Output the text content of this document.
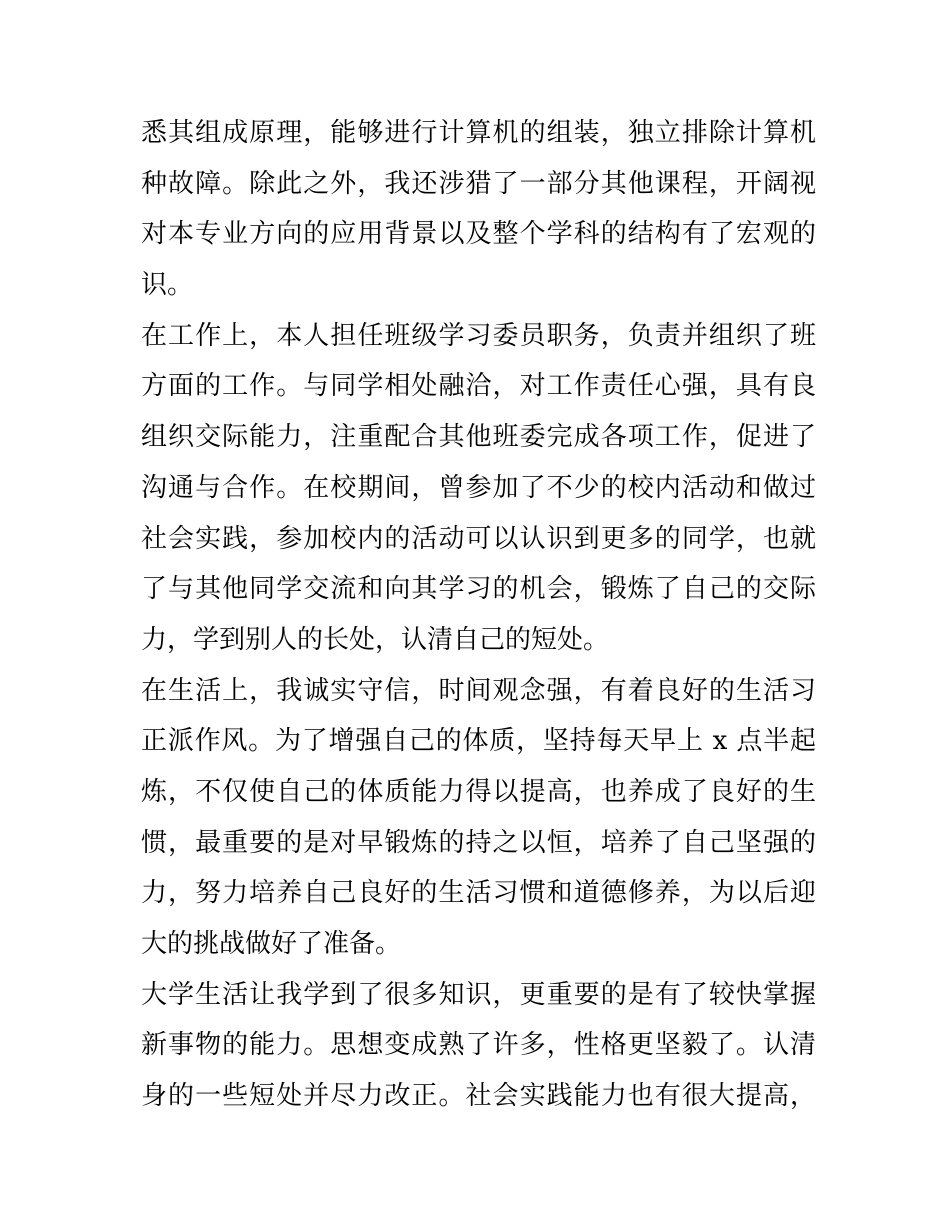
悉其组成原理，能够进行计算机的组装，独立排除计算机
种故障。除此之外，我还涉猎了一部分其他课程，开阔视
对本专业方向的应用背景以及整个学科的结构有了宏观的
识。
在工作上，本人担任班级学习委员职务，负责并组织了班
方面的工作。与同学相处融洽，对工作责任心强，具有良
组织交际能力，注重配合其他班委完成各项工作，促进了
沟通与合作。在校期间，曾参加了不少的校内活动和做过
社会实践，参加校内的活动可以认识到更多的同学，也就
了与其他同学交流和向其学习的机会，锻炼了自己的交际
力，学到别人的长处，认清自己的短处。
在生活上，我诚实守信，时间观念强，有着良好的生活习
正派作风。为了增强自己的体质，坚持每天早上 x 点半起
炼，不仅使自己的体质能力得以提高，也养成了良好的生
惯，最重要的是对早锻炼的持之以恒，培养了自己坚强的
力，努力培养自己良好的生活习惯和道德修养，为以后迎
大的挑战做好了准备。
大学生活让我学到了很多知识，更重要的是有了较快掌握
新事物的能力。思想变成熟了许多，性格更坚毅了。认清
身的一些短处并尽力改正。社会实践能力也有很大提高，
